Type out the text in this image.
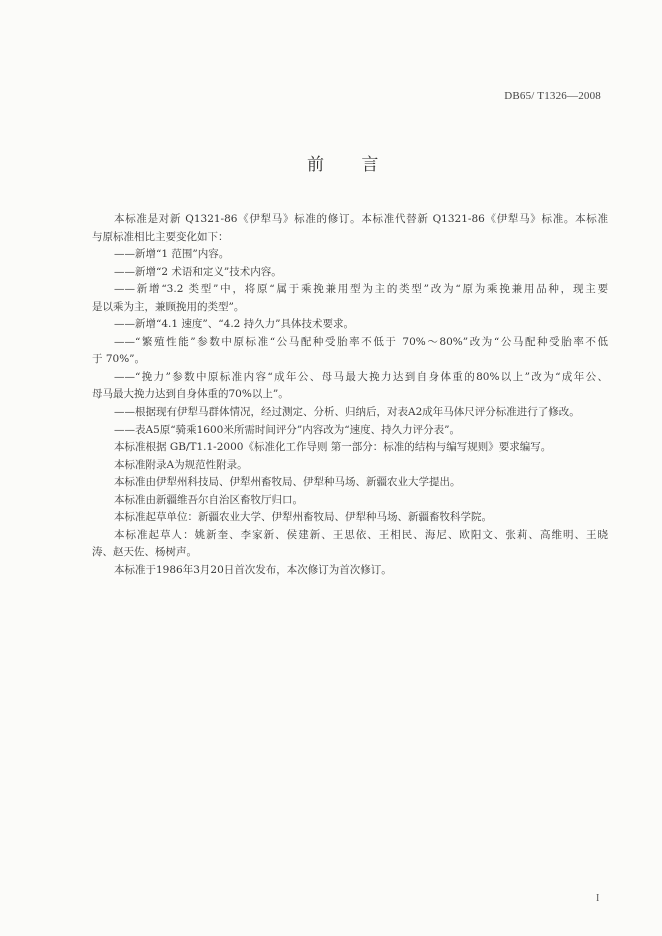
DB65/ T1326—2008
前 言
本标准是对新 Q1321-86《伊犁马》标准的修订。本标准代替新 Q1321-86《伊犁马》标准。本标准
与原标准相比主要变化如下：
——新增“1 范围”内容。
——新增“2 术语和定义”技术内容。
——新增“3.2 类型”中，将原“属于乘挽兼用型为主的类型”改为“原为乘挽兼用品种，现主要
是以乘为主，兼顾挽用的类型”。
——新增“4.1 速度”、“4.2 持久力”具体技术要求。
——“繁殖性能”参数中原标准“公马配种受胎率不低于 70%～80%”改为“公马配种受胎率不低
于 70%”。
——“挽力”参数中原标准内容“成年公、母马最大挽力达到自身体重的80%以上”改为“成年公、
母马最大挽力达到自身体重的70%以上”。
——根据现有伊犁马群体情况，经过测定、分析、归纳后，对表A2成年马体尺评分标准进行了修改。
——表A5原“骑乘1600米所需时间评分”内容改为“速度、持久力评分表”。
本标准根据 GB/T1.1-2000《标准化工作导则 第一部分：标准的结构与编写规则》要求编写。
本标准附录A为规范性附录。
本标准由伊犁州科技局、伊犁州畜牧局、伊犁种马场、新疆农业大学提出。
本标准由新疆维吾尔自治区畜牧厅归口。
本标准起草单位：新疆农业大学、伊犁州畜牧局、伊犁种马场、新疆畜牧科学院。
本标准起草人：姚新奎、李家新、侯建新、王思依、王相民、海尼、欧阳文、张莉、高维明、王晓
涛、赵天佐、杨树声。
本标准于1986年3月20日首次发布，本次修订为首次修订。
I
